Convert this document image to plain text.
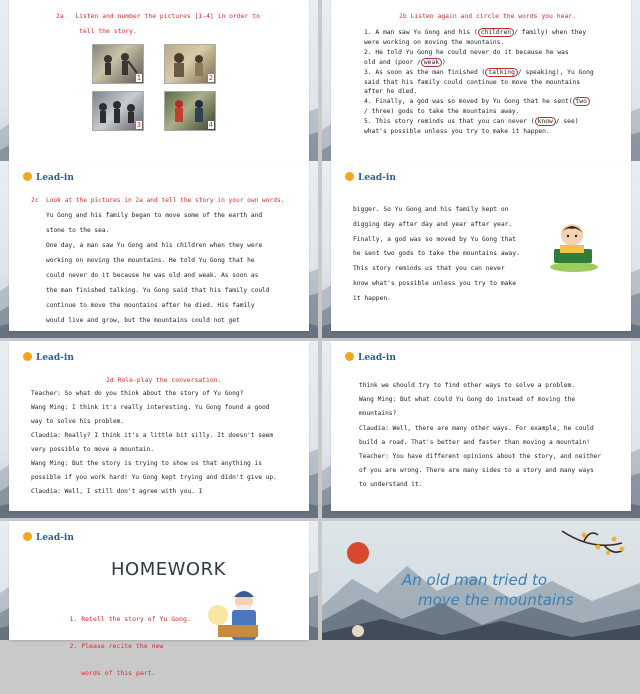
2a Listen and number the pictures [1-4] in order to
tell the story.
1	2
3	4
2b Listen again and circle the words you hear.
1. A man saw Yu Gong and his ( children / family) when they
were working on moving the mountains.
2. He told Yu Gong he could never do it because he was
old and (poor / weak )
3. As soon as the man finished ( talking / speaking), Yu Gong
said that his family could continue to move the mountains
after he died.
4. Finally, a god was so moved by Yu Gong that he sent( two
/ three) gods to take the mountains away.
5. This story reminds us that you can never ( know / see)
what's possible unless you try to make it happen.
Lead-in
2c Look at the pictures in 2a and tell the story in your own words.
Yu Gong and his family began to move some of the earth and
stone to the sea.
One day, a man saw Yu Gong and his children when they were
working on moving the mountains. He told Yu Gong that he
could never do it because he was old and weak. As soon as
the man finished talking. Yu Gong said that his family could
continue to move the mountains after he died. His family
would live and grow, but the mountains could not get
Lead-in
bigger. So Yu Gong and his family kept on
digging day after day and year after year.
Finally, a god was so moved by Yu Gong that
he sent two gods to take the mountains away.
This story reminds us that you can never
know what's possible unless you try to make
it happen.
Lead-in
2d Role-play the conversation.
Teacher: So what do you think about the story of Yu Gong?
Wang Ming: I think it's really interesting. Yu Gong found a good
way to solve his problem.
Claudia: Really? I think it's a little bit silly. It doesn't seem
very possible to move a mountain.
Wang Ming: But the story is trying to show us that anything is
possible if you work hard! Yu Gong kept trying and didn't give up.
Claudia: Well, I still don't agree with you. I
Lead-in
think we should try to find other ways to solve a problem.
Wang Ming: But what could Yu Gong do instead of moving the
mountains?
Claudia: Well, there are many other ways. For example, he could
build a road. That's better and faster than moving a mountain!
Teacher: You have different opinions about the story, and neither
of you are wrong. There are many sides to a story and many ways
to understand it.
Lead-in
HOMEWORK

1. Retell the story of Yu Gong.

2. Please recite the new

words of this part.

An old man tried to
move the mountains
